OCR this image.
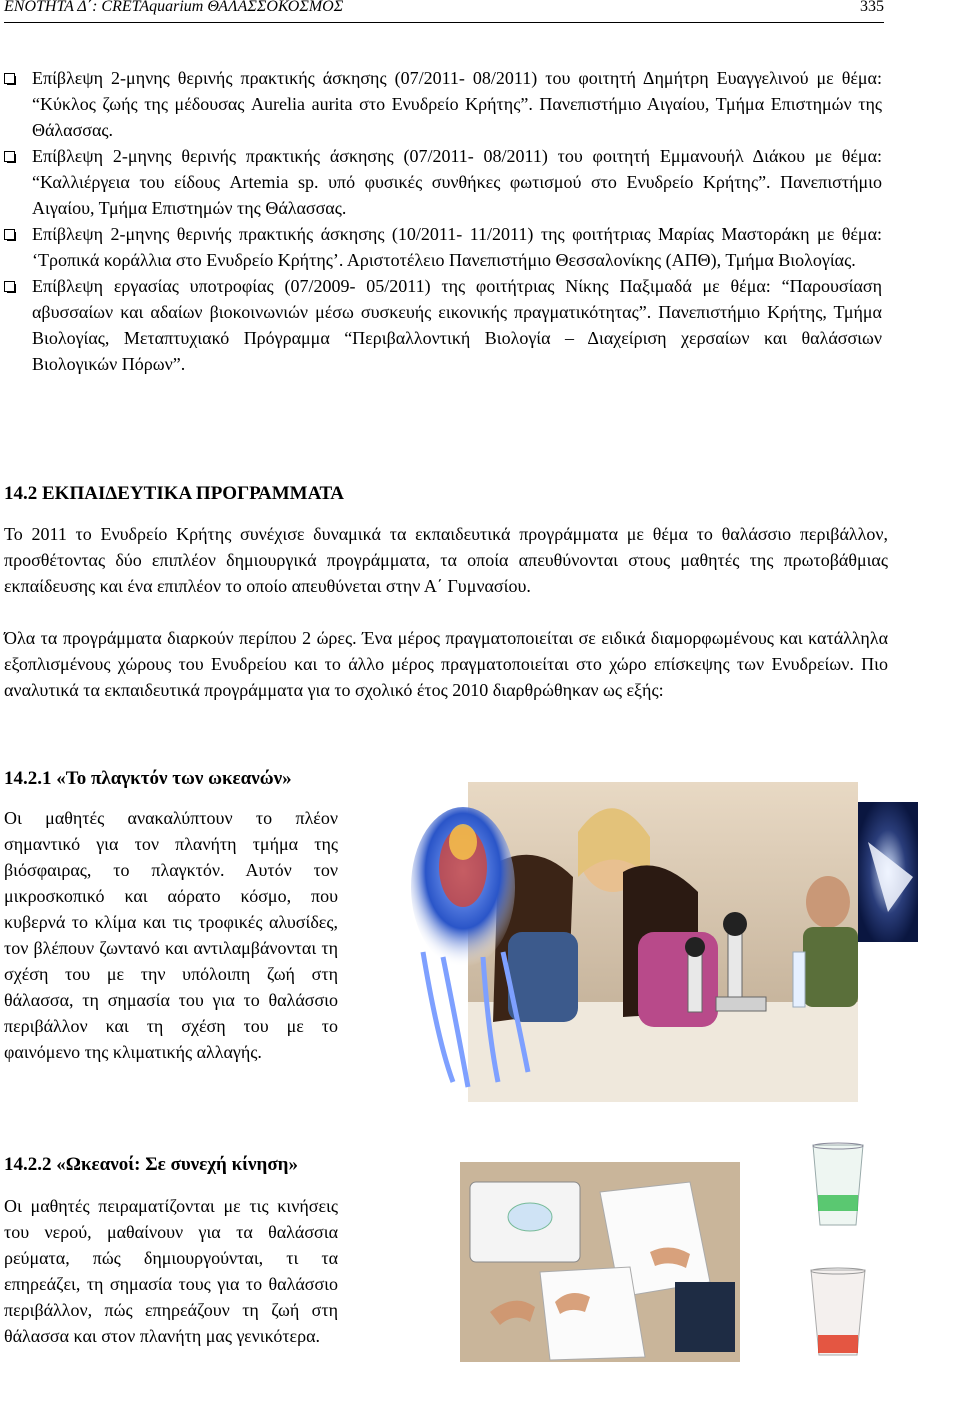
ΕΝΟΤΗΤΑ Δ΄: CRETAquarium ΘΑΛΑΣΣΟΚΟΣΜΟΣ	335
Επίβλεψη 2-μηνης θερινής πρακτικής άσκησης (07/2011- 08/2011) του φοιτητή Δημήτρη Ευαγγελινού με θέμα: “Κύκλος ζωής της μέδουσας Aurelia aurita στο Ενυδρείο Κρήτης”. Πανεπιστήμιο Αιγαίου, Τμήμα Επιστημών της Θάλασσας.
Επίβλεψη 2-μηνης θερινής πρακτικής άσκησης (07/2011- 08/2011) του φοιτητή Εμμανουήλ Διάκου με θέμα: “Καλλιέργεια του είδους Artemia sp. υπό φυσικές συνθήκες φωτισμού στο Ενυδρείο Κρήτης”. Πανεπιστήμιο Αιγαίου, Τμήμα Επιστημών της Θάλασσας.
Επίβλεψη 2-μηνης θερινής πρακτικής άσκησης (10/2011- 11/2011) της φοιτήτριας Μαρίας Μαστοράκη με θέμα: ‘Τροπικά κοράλλια στο Ενυδρείο Κρήτης’. Αριστοτέλειο Πανεπιστήμιο Θεσσαλονίκης (ΑΠΘ), Τμήμα Βιολογίας.
Επίβλεψη εργασίας υποτροφίας (07/2009- 05/2011) της φοιτήτριας Νίκης Παξιμαδά με θέμα: “Παρουσίαση αβυσσαίων και αδαίων βιοκοινωνιών μέσω συσκευής εικονικής πραγματικότητας”. Πανεπιστήμιο Κρήτης, Τμήμα Βιολογίας, Μεταπτυχιακό Πρόγραμμα “Περιβαλλοντική Βιολογία – Διαχείριση χερσαίων και θαλάσσιων Βιολογικών Πόρων”.
14.2 ΕΚΠΑΙΔΕΥΤΙΚΑ ΠΡΟΓΡΑΜΜΑΤΑ

Το 2011 το Ενυδρείο Κρήτης συνέχισε δυναμικά τα εκπαιδευτικά προγράμματα με θέμα το θαλάσσιο περιβάλλον, προσθέτοντας δύο επιπλέον δημιουργικά προγράμματα, τα οποία απευθύνονται στους μαθητές της πρωτοβάθμιας εκπαίδευσης και ένα επιπλέον το οποίο απευθύνεται στην Α΄ Γυμνασίου.

Όλα τα προγράμματα διαρκούν περίπου 2 ώρες. Ένα μέρος πραγματοποιείται σε ειδικά διαμορφωμένους και κατάλληλα εξοπλισμένους χώρους του Ενυδρείου και το άλλο μέρος πραγματοποιείται στο χώρο επίσκεψης των Ενυδρείων. Πιο αναλυτικά τα εκπαιδευτικά προγράμματα για το σχολικό έτος 2010 διαρθρώθηκαν ως εξής:

14.2.1 «Το πλαγκτόν των ωκεανών»

Οι μαθητές ανακαλύπτουν το πλέον σημαντικό για τον πλανήτη τμήμα της βιόσφαιρας, το πλαγκτόν. Αυτόν τον μικροσκοπικό και αόρατο κόσμο, που κυβερνά το κλίμα και τις τροφικές αλυσίδες, τον βλέπουν ζωντανό και αντιλαμβάνονται τη σχέση του με την υπόλοιπη ζωή στη θάλασσα, τη σημασία του για το θαλάσσιο περιβάλλον και τη σχέση του με το φαινόμενο της κλιματικής αλλαγής.

14.2.2 «Ωκεανοί: Σε συνεχή κίνηση»

Οι μαθητές πειραματίζονται με τις κινήσεις του νερού, μαθαίνουν για τα θαλάσσια ρεύματα, πώς δημιουργούνται, τι τα επηρεάζει, τη σημασία τους για το θαλάσσιο περιβάλλον, πώς επηρεάζουν τη ζωή στη θάλασσα και στον πλανήτη μας γενικότερα.
